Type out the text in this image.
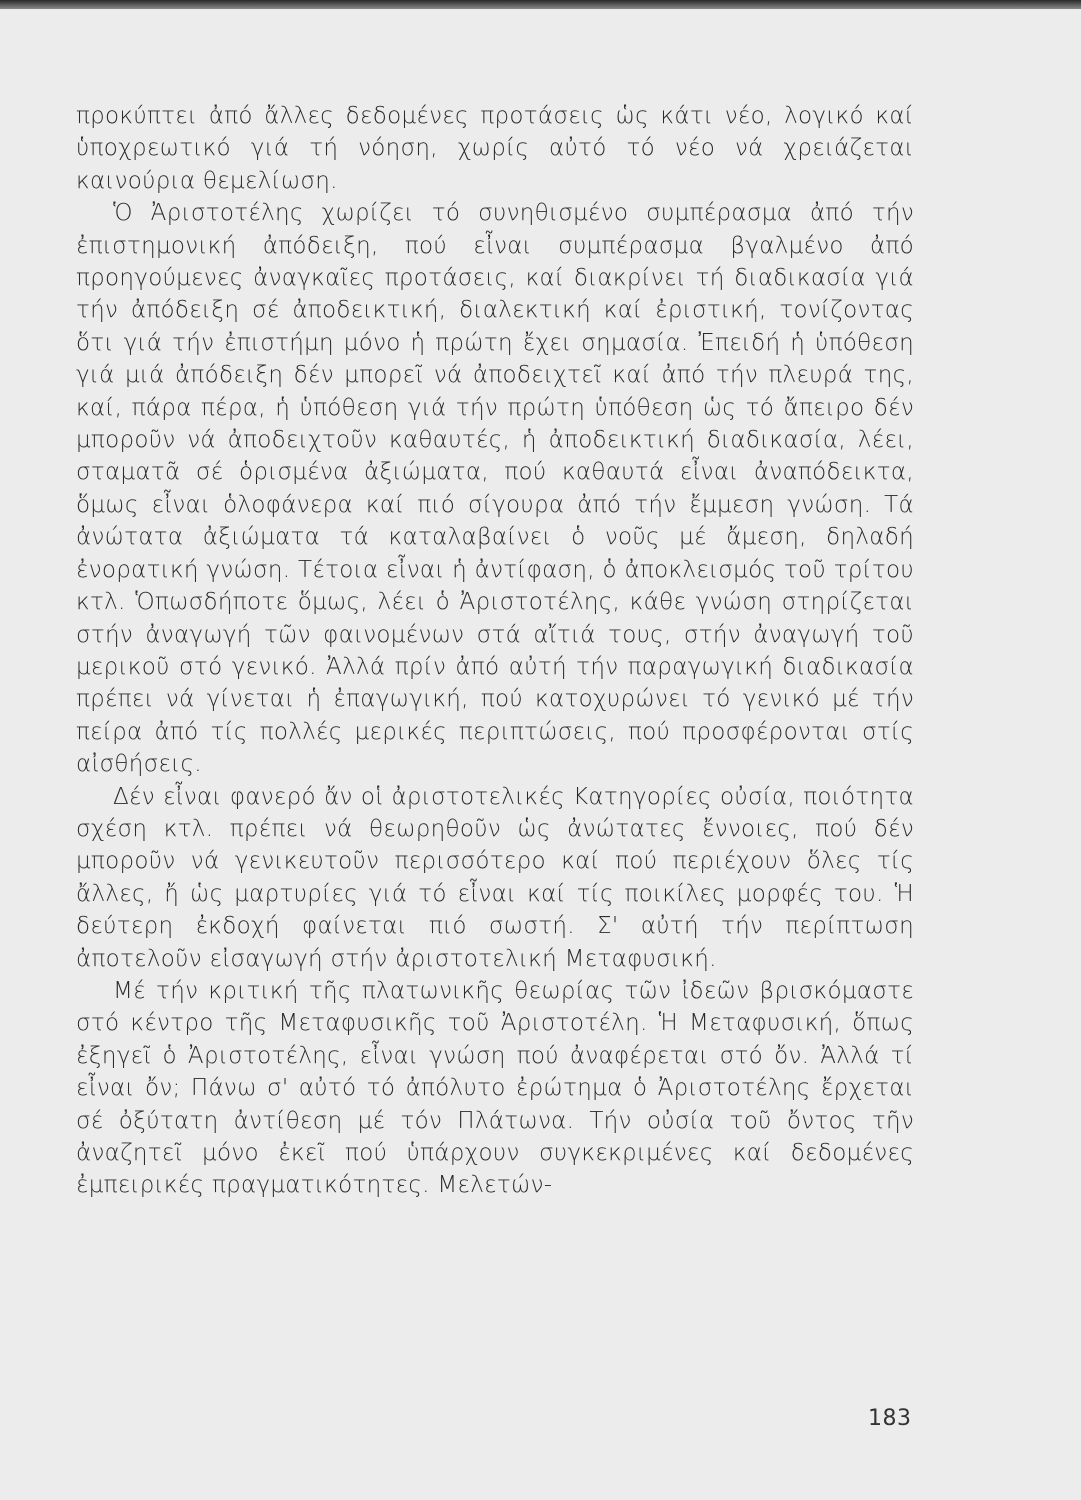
προκύπτει ἀπό ἄλλες δεδομένες προτάσεις ὡς κάτι νέο, λογικό καί ὑποχρεωτικό γιά τή νόηση, χωρίς αὐτό τό νέο νά χρειάζεται καινούρια θεμελίωση.

Ὁ Ἀριστοτέλης χωρίζει τό συνηθισμένο συμπέρασμα ἀπό τήν ἐπιστημονική ἀπόδειξη, πού εἶναι συμπέρασμα βγαλμένο ἀπό προηγούμενες ἀναγκαῖες προτάσεις, καί διακρίνει τή διαδικασία γιά τήν ἀπόδειξη σέ ἀποδεικτική, διαλεκτική καί ἐριστική, τονίζοντας ὅτι γιά τήν ἐπιστήμη μόνο ἡ πρώτη ἔχει σημασία. Ἐπειδή ἡ ὑπόθεση γιά μιά ἀπόδειξη δέν μπορεῖ νά ἀποδειχτεῖ καί ἀπό τήν πλευρά της, καί, πάρα πέρα, ἡ ὑπόθεση γιά τήν πρώτη ὑπόθεση ὡς τό ἄπειρο δέν μποροῦν νά ἀποδειχτοῦν καθαυτές, ἡ ἀποδεικτική διαδικασία, λέει, σταματᾶ σέ ὁρισμένα ἀξιώματα, πού καθαυτά εἶναι ἀναπόδεικτα, ὅμως εἶναι ὁλοφάνερα καί πιό σίγουρα ἀπό τήν ἔμμεση γνώση. Τά ἀνώτατα ἀξιώματα τά καταλαβαίνει ὁ νοῦς μέ ἄμεση, δηλαδή ἐνορατική γνώση. Τέτοια εἶναι ἡ ἀντίφαση, ὁ ἀποκλεισμός τοῦ τρίτου κτλ. Ὁπωσδήποτε ὅμως, λέει ὁ Ἀριστοτέλης, κάθε γνώση στηρίζεται στήν ἀναγωγή τῶν φαινομένων στά αἴτιά τους, στήν ἀναγωγή τοῦ μερικοῦ στό γενικό. Ἀλλά πρίν ἀπό αὐτή τήν παραγωγική διαδικασία πρέπει νά γίνεται ἡ ἐπαγωγική, πού κατοχυρώνει τό γενικό μέ τήν πείρα ἀπό τίς πολλές μερικές περιπτώσεις, πού προσφέρονται στίς αἰσθήσεις.

Δέν εἶναι φανερό ἄν οἱ ἀριστοτελικές Κατηγορίες οὐσία, ποιότητα σχέση κτλ. πρέπει νά θεωρηθοῦν ὡς ἀνώτατες ἔννοιες, πού δέν μποροῦν νά γενικευτοῦν περισσότερο καί πού περιέχουν ὅλες τίς ἄλλες, ἤ ὡς μαρτυρίες γιά τό εἶναι καί τίς ποικίλες μορφές του. Ἡ δεύτερη ἐκδοχή φαίνεται πιό σωστή. Σ' αὐτή τήν περίπτωση ἀποτελοῦν εἰσαγωγή στήν ἀριστοτελική Μεταφυσική.

Μέ τήν κριτική τῆς πλατωνικῆς θεωρίας τῶν ἰδεῶν βρισκόμαστε στό κέντρο τῆς Μεταφυσικῆς τοῦ Ἀριστοτέλη. Ἡ Μεταφυσική, ὅπως ἐξηγεῖ ὁ Ἀριστοτέλης, εἶναι γνώση πού ἀναφέρεται στό ὄν. Ἀλλά τί εἶναι ὄν; Πάνω σ' αὐτό τό ἀπόλυτο ἐρώτημα ὁ Ἀριστοτέλης ἔρχεται σέ ὀξύτατη ἀντίθεση μέ τόν Πλάτωνα. Τήν οὐσία τοῦ ὄντος τῆν ἀναζητεῖ μόνο ἐκεῖ πού ὑπάρχουν συγκεκριμένες καί δεδομένες ἐμπειρικές πραγματικότητες. Μελετών-

183
